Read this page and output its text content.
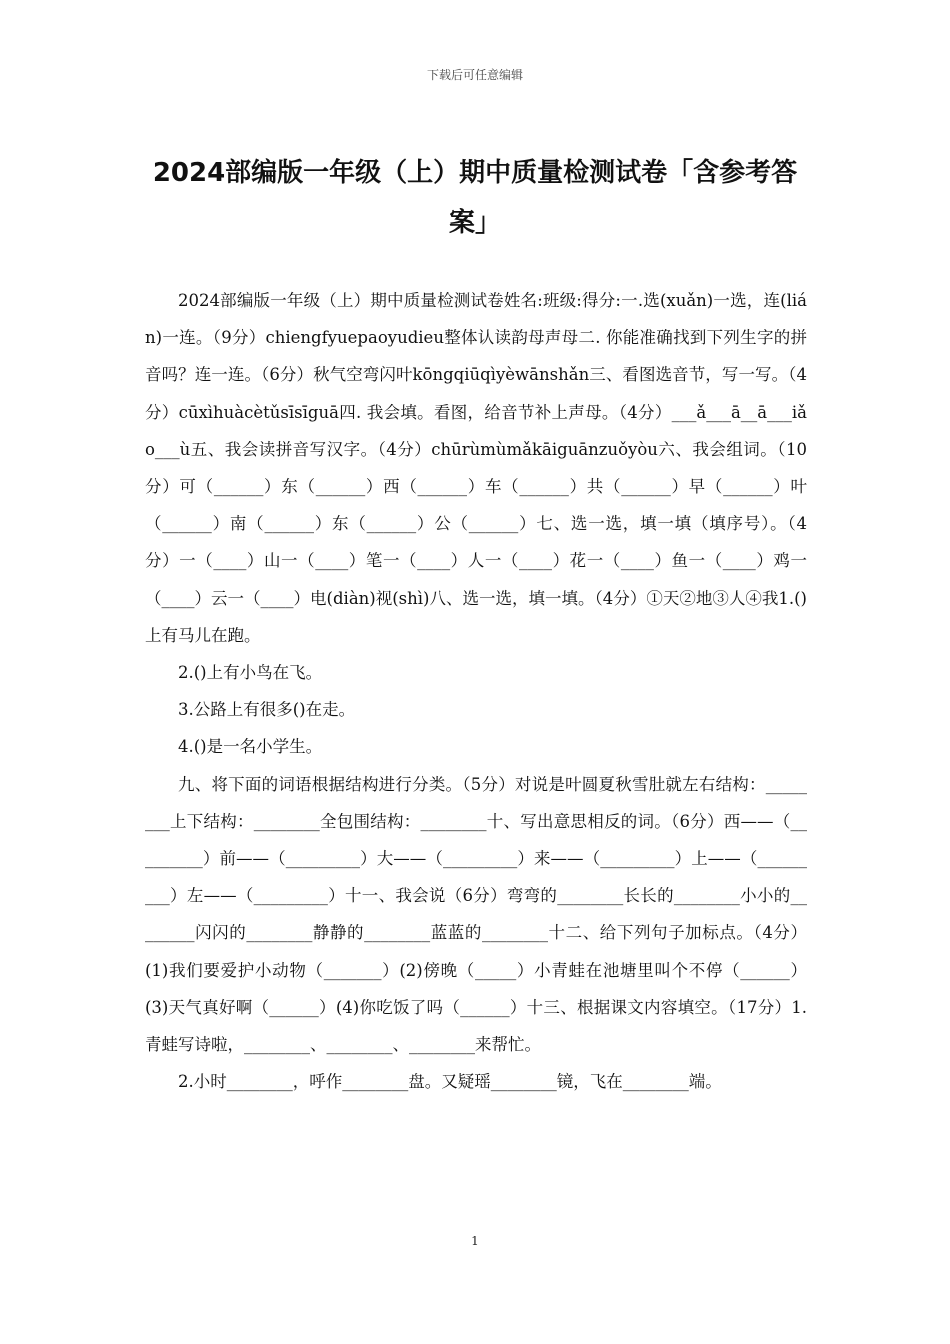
下载后可任意编辑
2024部编版一年级（上）期中质量检测试卷「含参考答案」

2024部编版一年级（上）期中质量检测试卷姓名:班级:得分:一.选(xuǎn)一选，连(lián)一连。（9分）chiengfyuepaoyudieu整体认读韵母声母二. 你能准确找到下列生字的拼音吗？连一连。（6分）秋气空弯闪叶kōngqiūqìyèwānshǎn三、看图选音节，写一写。（4分）cūxìhuàcètǔsīsīguā四. 我会填。看图，给音节补上声母。（4分）___ǎ___ā__ā___iǎo___ù五、我会读拼音写汉字。（4分）chūrùmùmǎkāiguānzuǒyòu六、我会组词。（10分）可（______）东（______）西（______）车（______）共（______）早（______）叶（______）南（______）东（______）公（______）七、选一选，填一填（填序号）。（4分）一（____）山一（____）笔一（____）人一（____）花一（____）鱼一（____）鸡一（____）云一（____）电(diàn)视(shì)八、选一选，填一填。（4分）①天②地③人④我1.()上有马儿在跑。

2.()上有小鸟在飞。

3.公路上有很多()在走。

4.()是一名小学生。

九、将下面的词语根据结构进行分类。（5分）对说是叶圆夏秋雪肚就左右结构：________上下结构：________全包围结构：________十、写出意思相反的词。（6分）西——（_________）前——（_________）大——（_________）来——（_________）上——（_________）左——（_________）十一、我会说（6分）弯弯的________长长的________小小的________闪闪的________静静的________蓝蓝的________十二、给下列句子加标点。（4分）(1)我们要爱护小动物（_______）(2)傍晚（_____）小青蛙在池塘里叫个不停（______）(3)天气真好啊（______）(4)你吃饭了吗（______）十三、根据课文内容填空。（17分）1.青蛙写诗啦，________、________、________来帮忙。

2.小时________，呼作________盘。又疑瑶________镜，飞在________端。

1
